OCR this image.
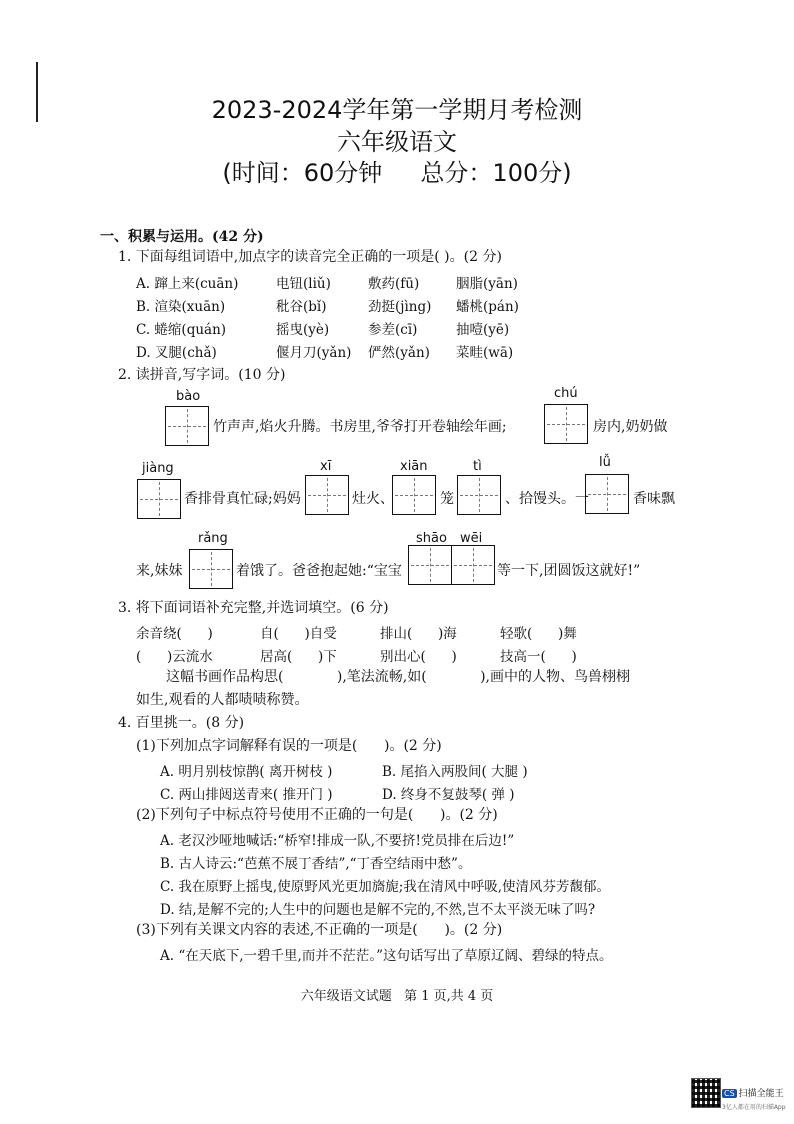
2023-2024学年第一学期月考检测
六年级语文
(时间：60分钟     总分：100分)
一、积累与运用。(42 分)
1. 下面每组词语中,加点字的读音完全正确的一项是( )。(2 分)
A. 蹿上来(cuān)	电钮(liǔ)	敷药(fū)	胭脂(yān)
B. 渲染(xuān)	秕谷(bǐ)	劲挺(jìng) 蟠桃(pán)
C. 蜷缩(quán)	摇曳(yè)	参差(cī)	抽噎(yē)
D. 叉腿(chǎ)	偃月刀(yǎn) 俨然(yǎn) 菜畦(wā)
2. 读拼音,写字词。(10 分)
bào
竹声声,焰火升腾。书房里,爷爷打开卷轴绘年画;
chú
房内,奶奶做
jiàng
香排骨真忙碌;妈妈
xī
灶火、
xiān
笼
tì
、拾馒头。一
lǚ
香味飘
rǎng
来,妹妹	着饿了。爸爸抱起她:“宝宝
shāo wēi
等一下,团圆饭这就好!”
3. 将下面词语补充完整,并选词填空。(6 分)
余音绕(      )	自(      )自受	排山(      )海	轻歌(      )舞
(      )云流水	居高(      )下	别出心(      )	技高一(      )
这幅书画作品构思(            ),笔法流畅,如(            ),画中的人物、鸟兽栩栩
如生,观看的人都啧啧称赞。
4. 百里挑一。(8 分)
(1)下列加点字词解释有误的一项是(      )。(2 分)
A. 明月别枝惊鹊( 离开树枝 )	B. 尾掐入两股间( 大腿 )
C. 两山排闼送青来( 推开门 )	D. 终身不复鼓琴( 弹 )
(2)下列句子中标点符号使用不正确的一句是(      )。(2 分)
A. 老汉沙哑地喊话:“桥窄!排成一队,不要挤!党员排在后边!”
B. 古人诗云:“芭蕉不展丁香结”,“丁香空结雨中愁”。
C. 我在原野上摇曳,使原野风光更加旖旎;我在清风中呼吸,使清风芬芳馥郁。
D. 结,是解不完的;人生中的问题也是解不完的,不然,岂不太平淡无味了吗?
(3)下列有关课文内容的表述,不正确的一项是(      )。(2 分)
A. “在天底下,一碧千里,而并不茫茫。”这句话写出了草原辽阔、碧绿的特点。
六年级语文试题   第 1 页,共 4 页
CS 扫描全能王
3亿人都在用的扫描App
